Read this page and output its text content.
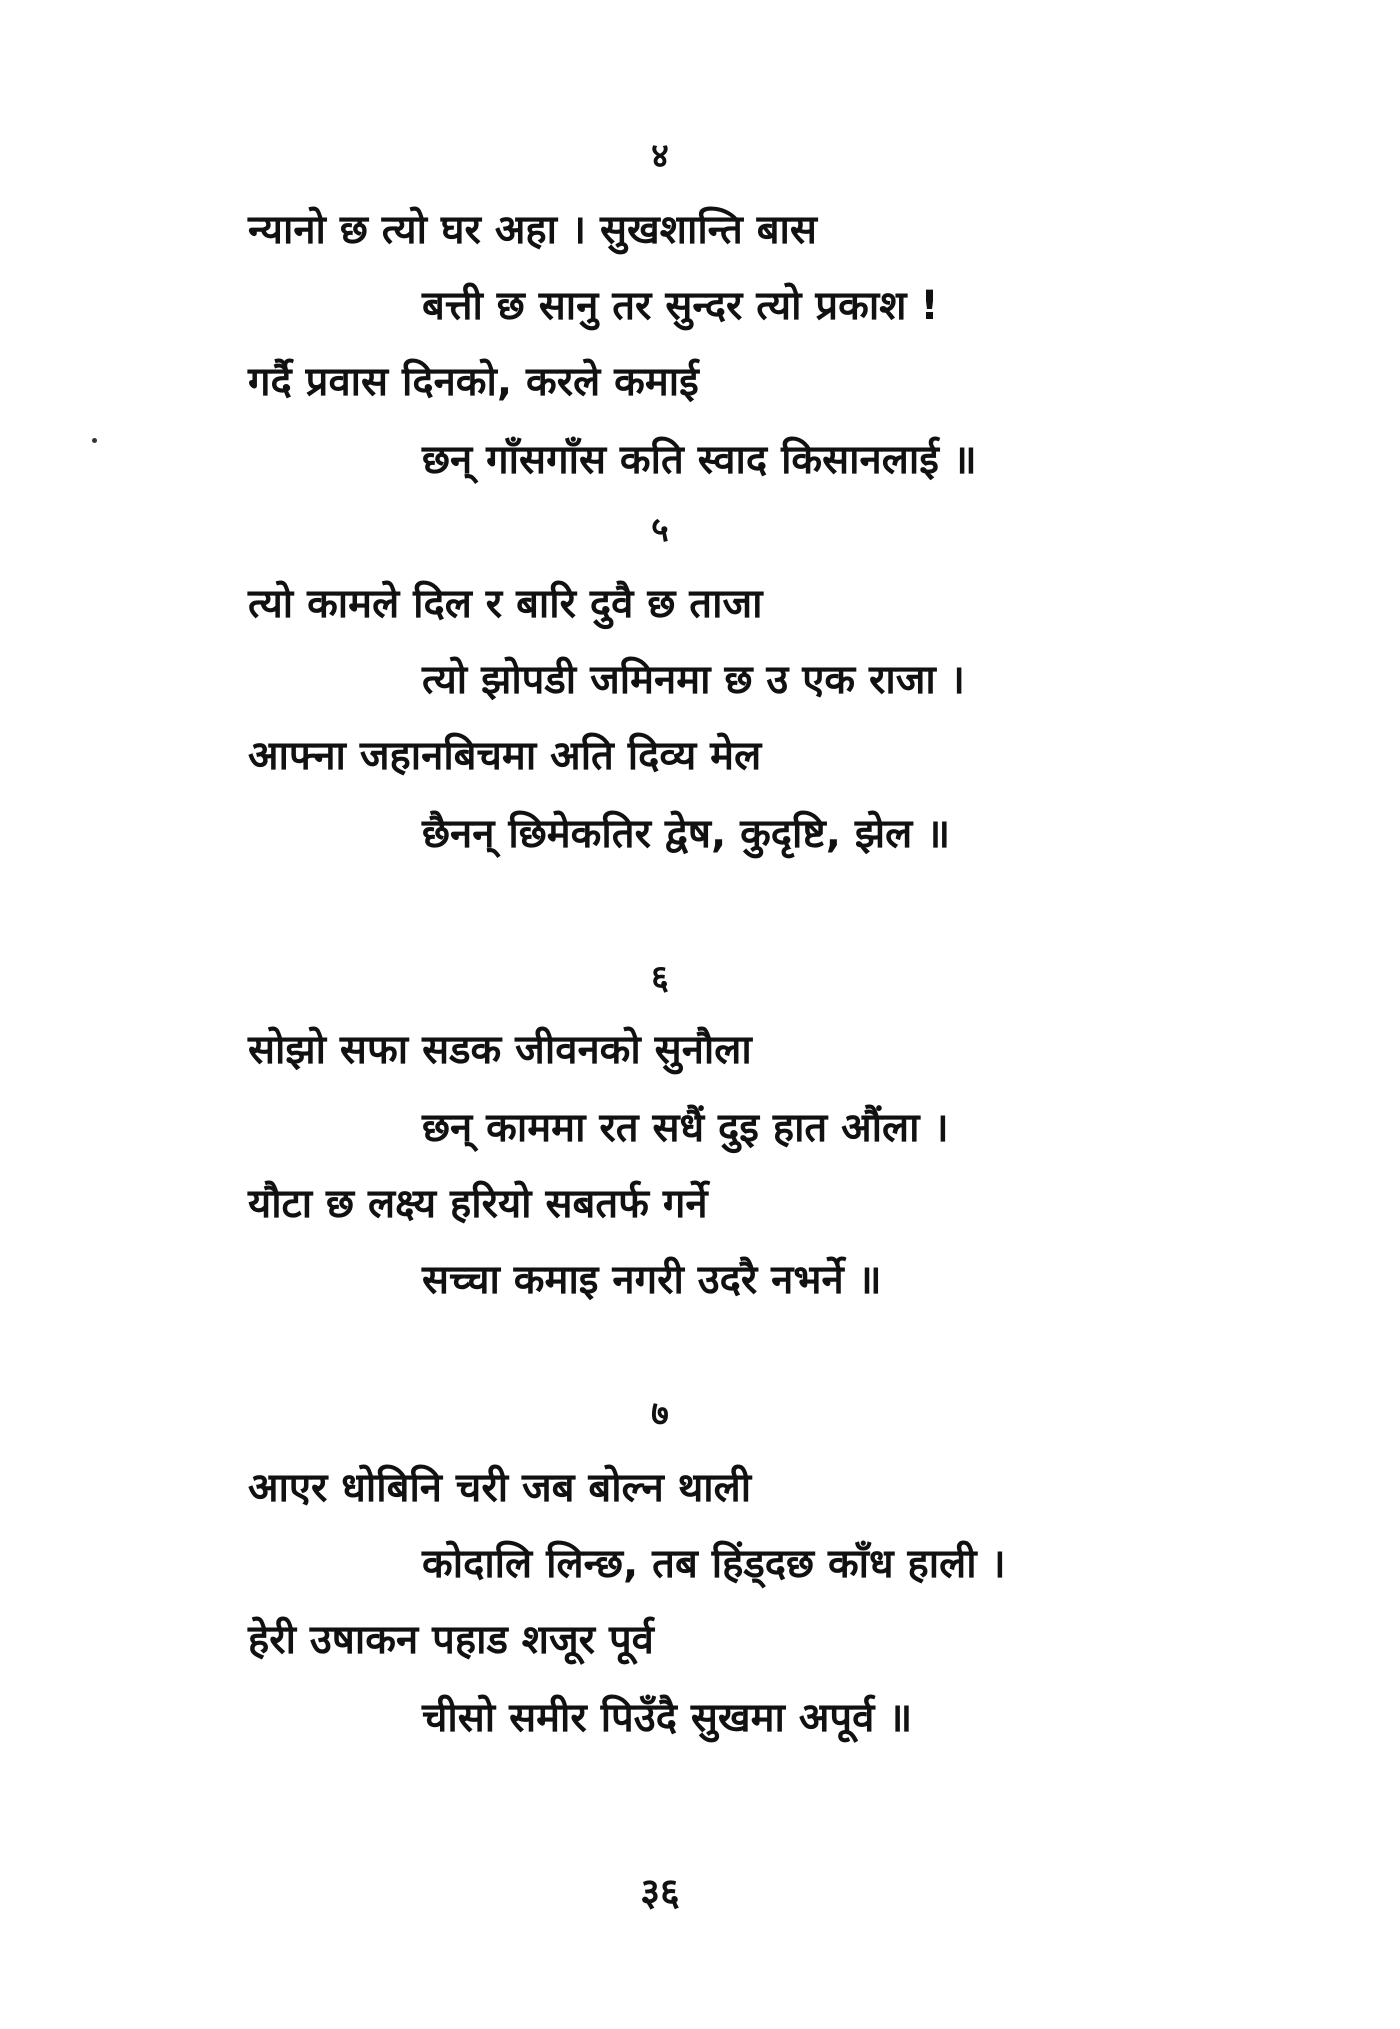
४
न्यानो छ त्यो घर अहा । सुखशान्ति बास
बत्ती छ सानु तर सुन्दर त्यो प्रकाश !
गर्दै प्रवास दिनको, करले कमाई
छन् गाँसगाँस कति स्वाद किसानलाई ॥
५
त्यो कामले दिल र बारि दुवै छ ताजा
त्यो झोपडी जमिनमा छ उ एक राजा ।
आफ्ना जहानबिचमा अति दिव्य मेल
छैनन् छिमेकतिर द्वेष, कुदृष्टि, झेल ॥
६
सोझो सफा सडक जीवनको सुनौला
छन् काममा रत सधैं दुइ हात औंला ।
यौटा छ लक्ष्य हरियो सबतर्फ गर्ने
सच्चा कमाइ नगरी उदरै नभर्ने ॥
७
आएर धोबिनि चरी जब बोल्न थाली
कोदालि लिन्छ, तब हिंड्दछ काँध हाली ।
हेरी उषाकन पहाड शजूर पूर्व
चीसो समीर पिउँदै सुखमा अपूर्व ॥
३६
